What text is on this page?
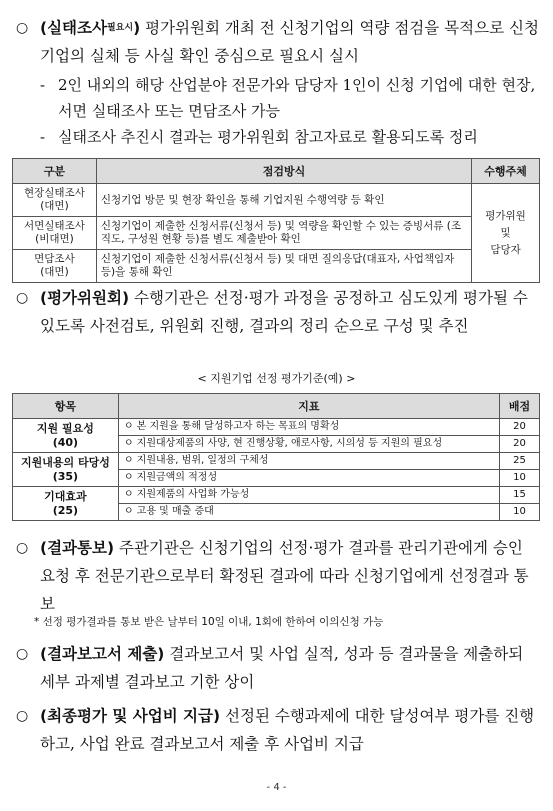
○ (실태조사$^{필요시}$) 평가위원회 개최 전 신청기업의 역량 점검을 목적으로 신청기업의 실체 등 사실 확인 중심으로 필요시 실시
- 2인 내외의 해당 산업분야 전문가와 담당자 1인이 신청 기업에 대한 현장, 서면 실태조사 또는 면담조사 가능
- 실태조사 추진시 결과는 평가위원회 참고자료로 활용되도록 정리
구분	점검방식	수행주체
현장실태조사
(대면)	신청기업 방문 및 현장 확인을 통해 기업지원 수행역량 등 확인	평가위원
및
담당자
서면실태조사
(비대면)	신청기업이 제출한 신청서류(신청서 등) 및 역량을 확인할 수 있는 증빙서류 (조직도, 구성원 현황 등)를 별도 제출받아 확인	
면담조사
(대면)	신청기업이 제출한 신청서류(신청서 등) 및 대면 질의응답(대표자, 사업책임자 등)을 통해 확인	
○ (평가위원회) 수행기관은 선정·평가 과정을 공정하고 심도있게 평가될 수 있도록 사전검토, 위원회 진행, 결과의 정리 순으로 구성 및 추진
< 지원기업 선정 평가기준(예) >
항목	지표	배점

지원 필요성
(40)	ㅇ 본 지원을 통해 달성하고자 하는 목표의 명확성	20
	ㅇ 지원대상제품의 사양, 현 진행상황, 애로사항, 시의성 등 지원의 필요성	20

지원내용의 타당성
(35)	ㅇ 지원내용, 범위, 일정의 구체성	25
	ㅇ 지원금액의 적정성	10

기대효과
(25)	ㅇ 지원제품의 사업화 가능성	15
	ㅇ 고용 및 매출 증대	10
○ (결과통보) 주관기관은 신청기업의 선정·평가 결과를 관리기관에게 승인 요청 후 전문기관으로부터 확정된 결과에 따라 신청기업에게 선정결과 통보
* 선정 평가결과를 통보 받은 날부터 10일 이내, 1회에 한하여 이의신청 가능
○ (결과보고서 제출) 결과보고서 및 사업 실적, 성과 등 결과물을 제출하되 세부 과제별 결과보고 기한 상이
○ (최종평가 및 사업비 지급) 선정된 수행과제에 대한 달성여부 평가를 진행하고, 사업 완료 결과보고서 제출 후 사업비 지급
- 4 -
